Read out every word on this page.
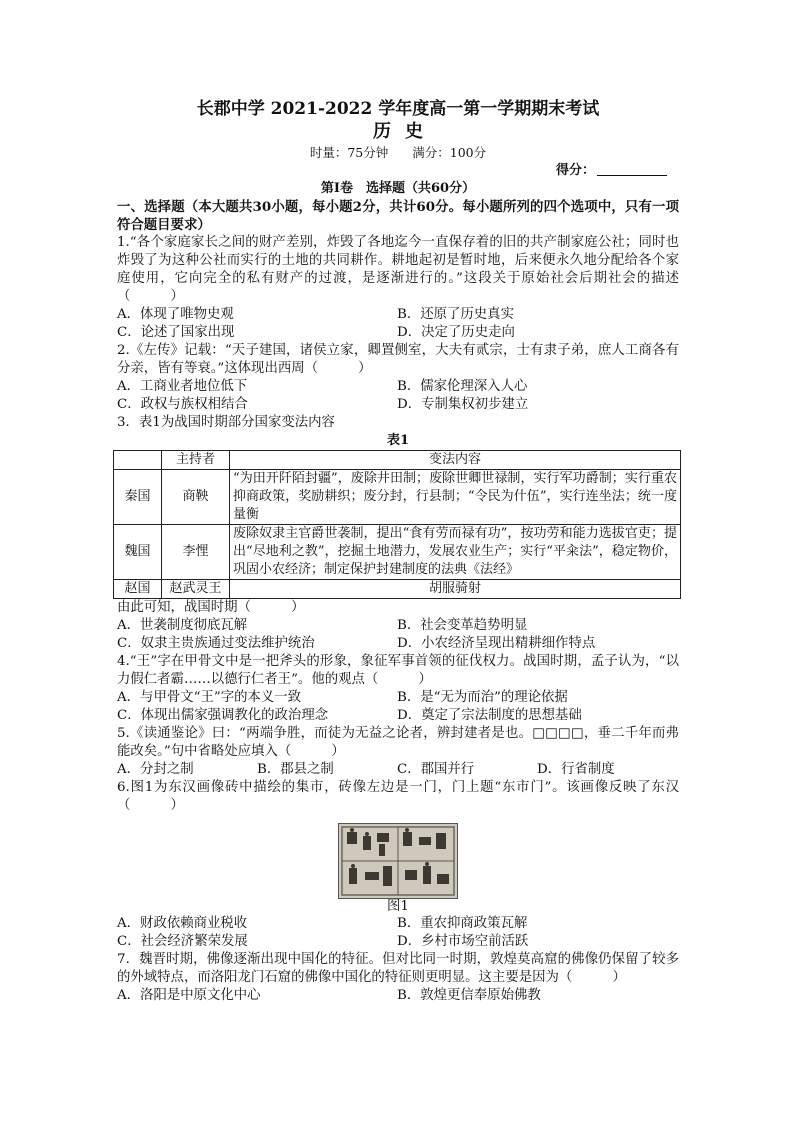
长郡中学 2021-2022 学年度高一第一学期期末考试
历史
时量：75分钟 满分：100分
得分：
第Ⅰ卷　选择题（共60分）
一、选择题（本大题共30小题，每小题2分，共计60分。每小题所列的四个选项中，只有一项符合题目要求）
1.“各个家庭家长之间的财产差别，炸毁了各地迄今一直保存着的旧的共产制家庭公社；同时也炸毁了为这种公社而实行的土地的共同耕作。耕地起初是暂时地，后来便永久地分配给各个家庭使用，它向完全的私有财产的过渡，是逐渐进行的。”这段关于原始社会后期社会的描述（　　　）
A．体现了唯物史观	B．还原了历史真实
C．论述了国家出现	D．决定了历史走向
2.《左传》记载：“天子建国，诸侯立家，卿置侧室，大夫有贰宗，士有隶子弟，庶人工商各有分亲，皆有等衰。”这体现出西周（　　　）
A．工商业者地位低下	B．儒家伦理深入人心
C．政权与族权相结合	D．专制集权初步建立
3．表1为战国时期部分国家变法内容
表1
	主持者	变法内容
秦国	商鞅	“为田开阡陌封疆”，废除井田制；废除世卿世禄制，实行军功爵制；实行重农抑商政策，奖励耕织；废分封，行县制；“令民为什伍”，实行连坐法；统一度量衡
魏国	李悝	废除奴隶主官爵世袭制，提出“食有劳而禄有功”，按功劳和能力选拔官吏；提出“尽地利之教”，挖掘土地潜力，发展农业生产；实行“平籴法”，稳定物价，巩固小农经济；制定保护封建制度的法典《法经》
赵国	赵武灵王	胡服骑射
由此可知，战国时期（　　　）
A．世袭制度彻底瓦解	B．社会变革趋势明显
C．奴隶主贵族通过变法维护统治	D．小农经济呈现出精耕细作特点
4.“王”字在甲骨文中是一把斧头的形象，象征军事首领的征伐权力。战国时期，孟子认为，“以力假仁者霸……以德行仁者王”。他的观点（　　　）
A．与甲骨文“王”字的本义一致	B．是“无为而治”的理论依据
C．体现出儒家强调教化的政治理念	D．奠定了宗法制度的思想基础
5.《读通鉴论》曰：“两端争胜，而徒为无益之论者，辨封建者是也。□□□□，垂二千年而弗能改矣。”句中省略处应填入（　　　）
A．分封之制	B．郡县之制	C．郡国并行	D．行省制度
6.图1为东汉画像砖中描绘的集市，砖像左边是一门，门上题“东市门”。该画像反映了东汉（　　　）
图1
A．财政依赖商业税收	B．重农抑商政策瓦解
C．社会经济繁荣发展	D．乡村市场空前活跃
7．魏晋时期，佛像逐渐出现中国化的特征。但对比同一时期，敦煌莫高窟的佛像仍保留了较多的外域特点，而洛阳龙门石窟的佛像中国化的特征则更明显。这主要是因为（　　　）
A．洛阳是中原文化中心	B．敦煌更信奉原始佛教
